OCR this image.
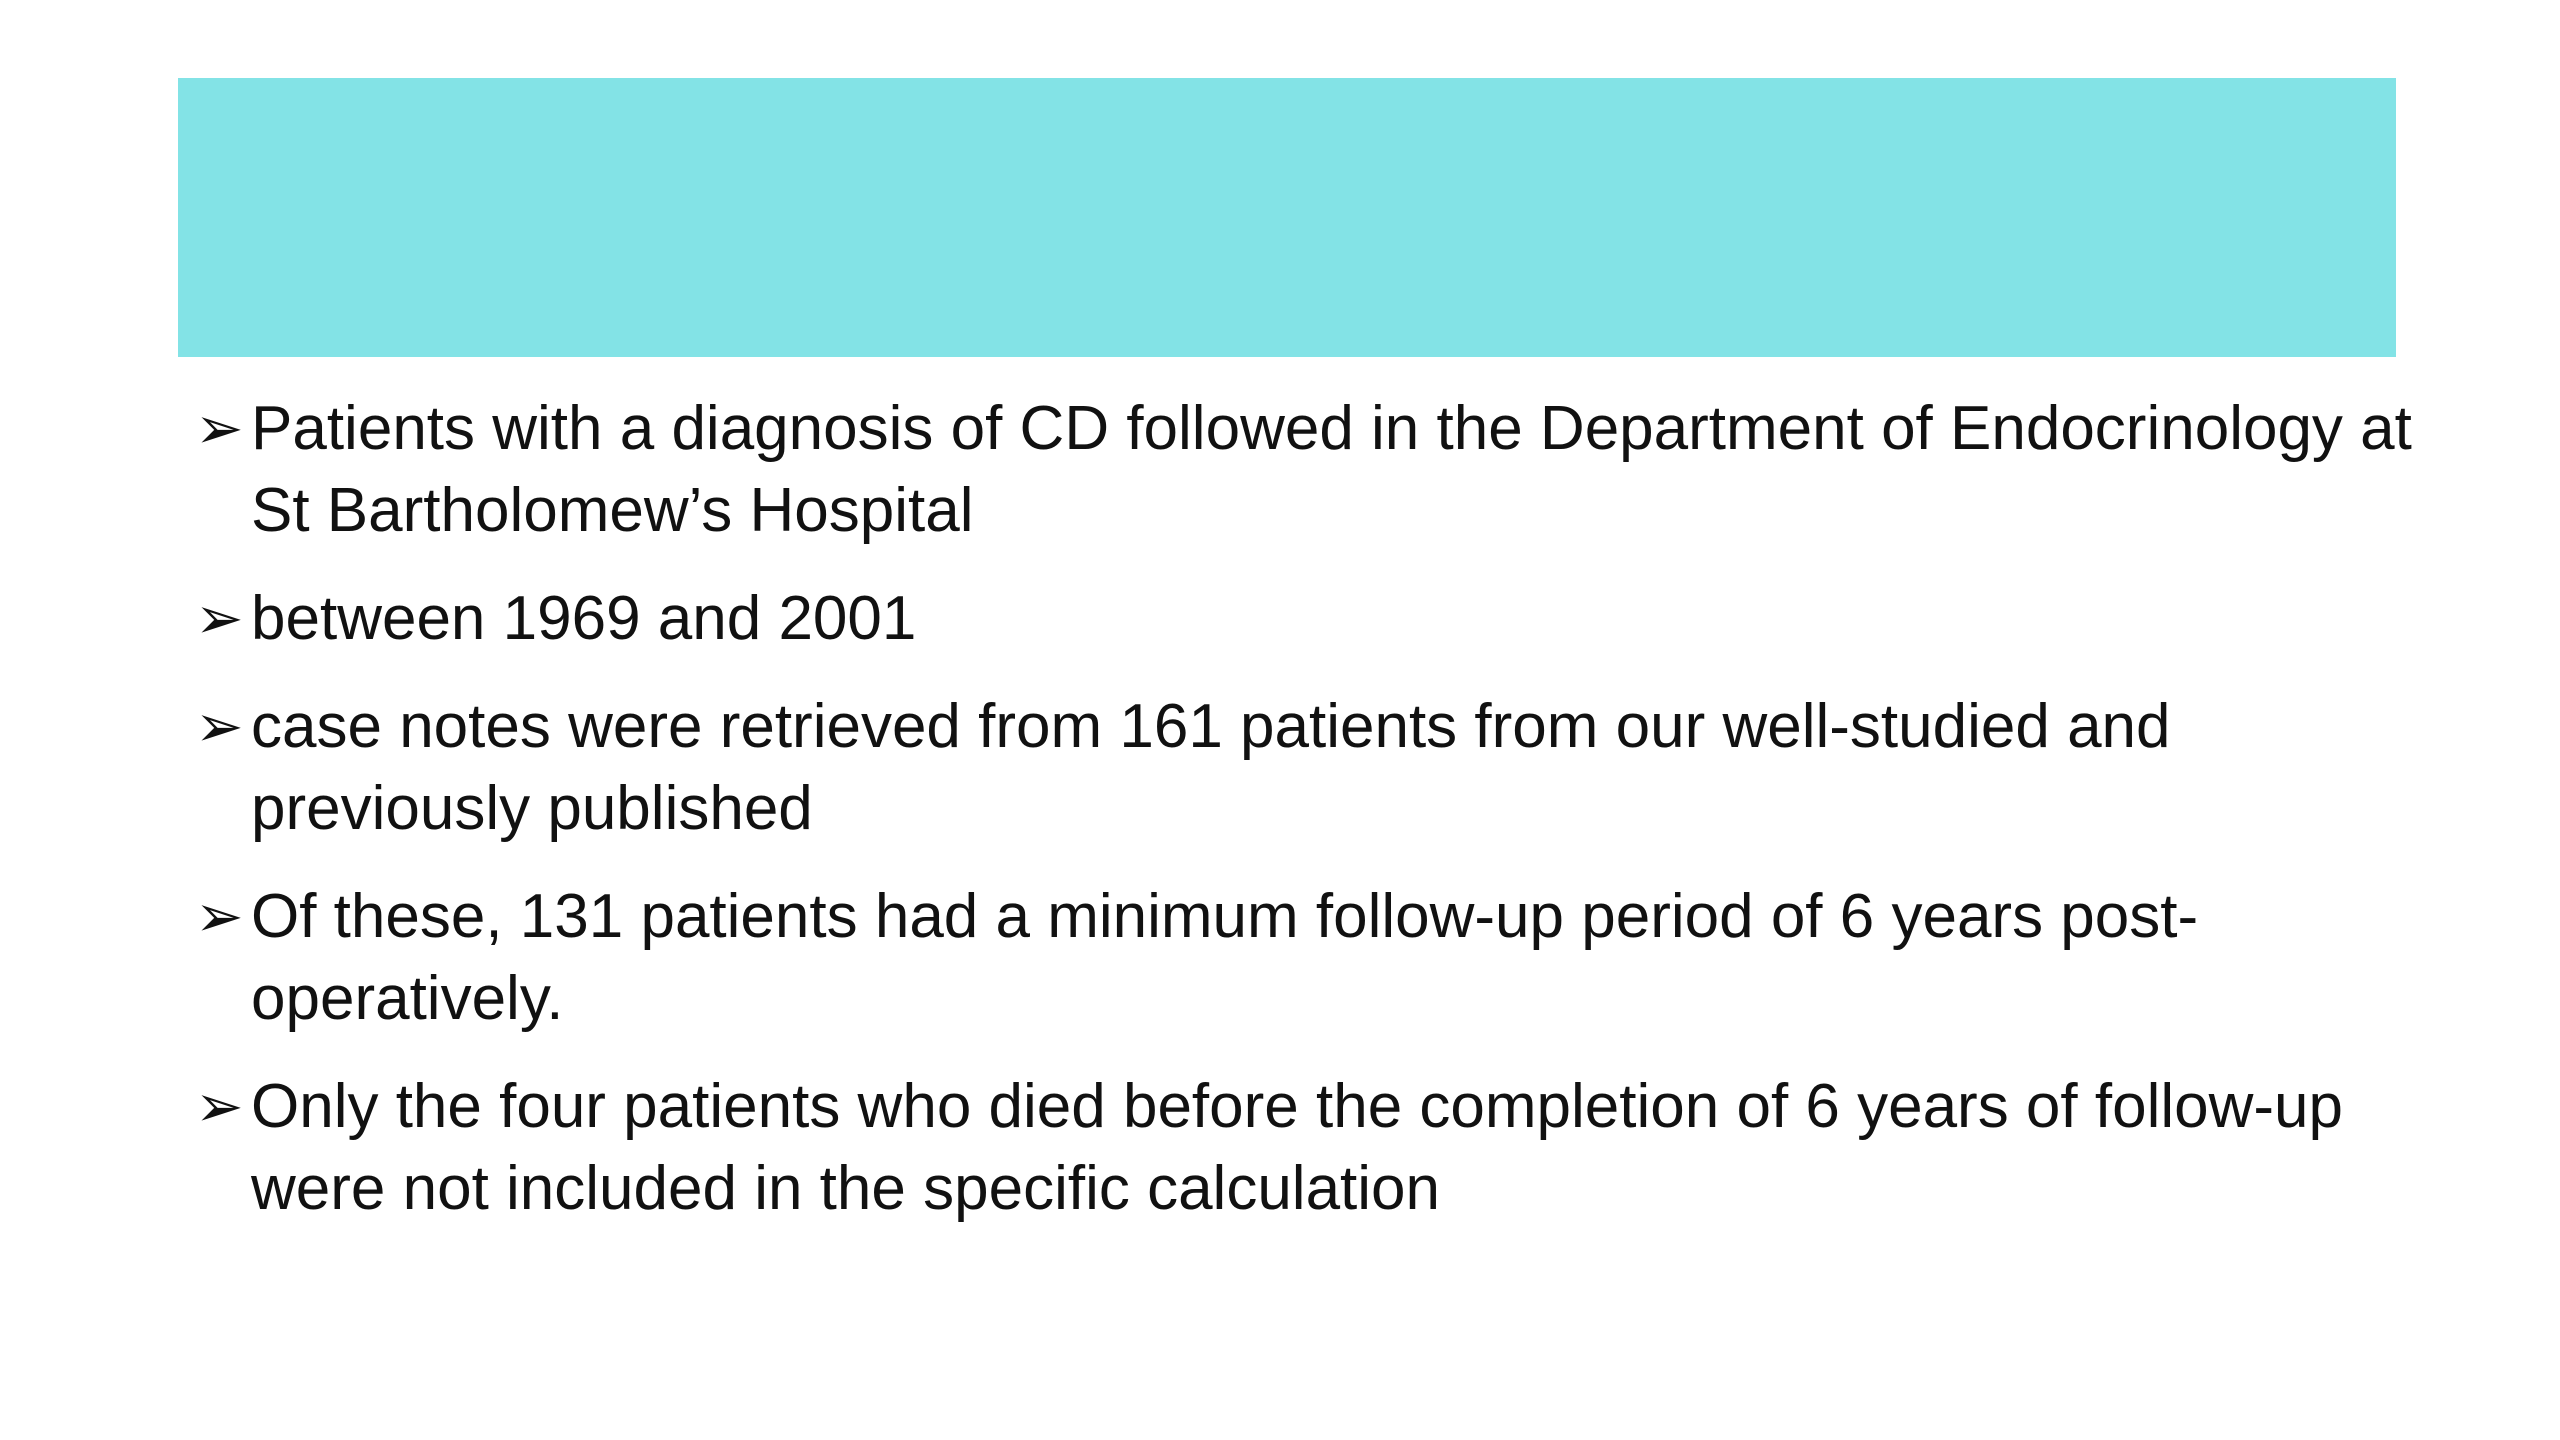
➢ Patients with a diagnosis of CD followed in the Department of Endocrinology at St Bartholomew’s Hospital
➢ between 1969 and 2001
➢ case notes were retrieved from 161 patients from our well-studied and previously published
➢ Of these, 131 patients had a minimum follow-up period of 6 years post-operatively.
➢ Only the four patients who died before the completion of 6 years of follow-up were not included in the specific calculation
